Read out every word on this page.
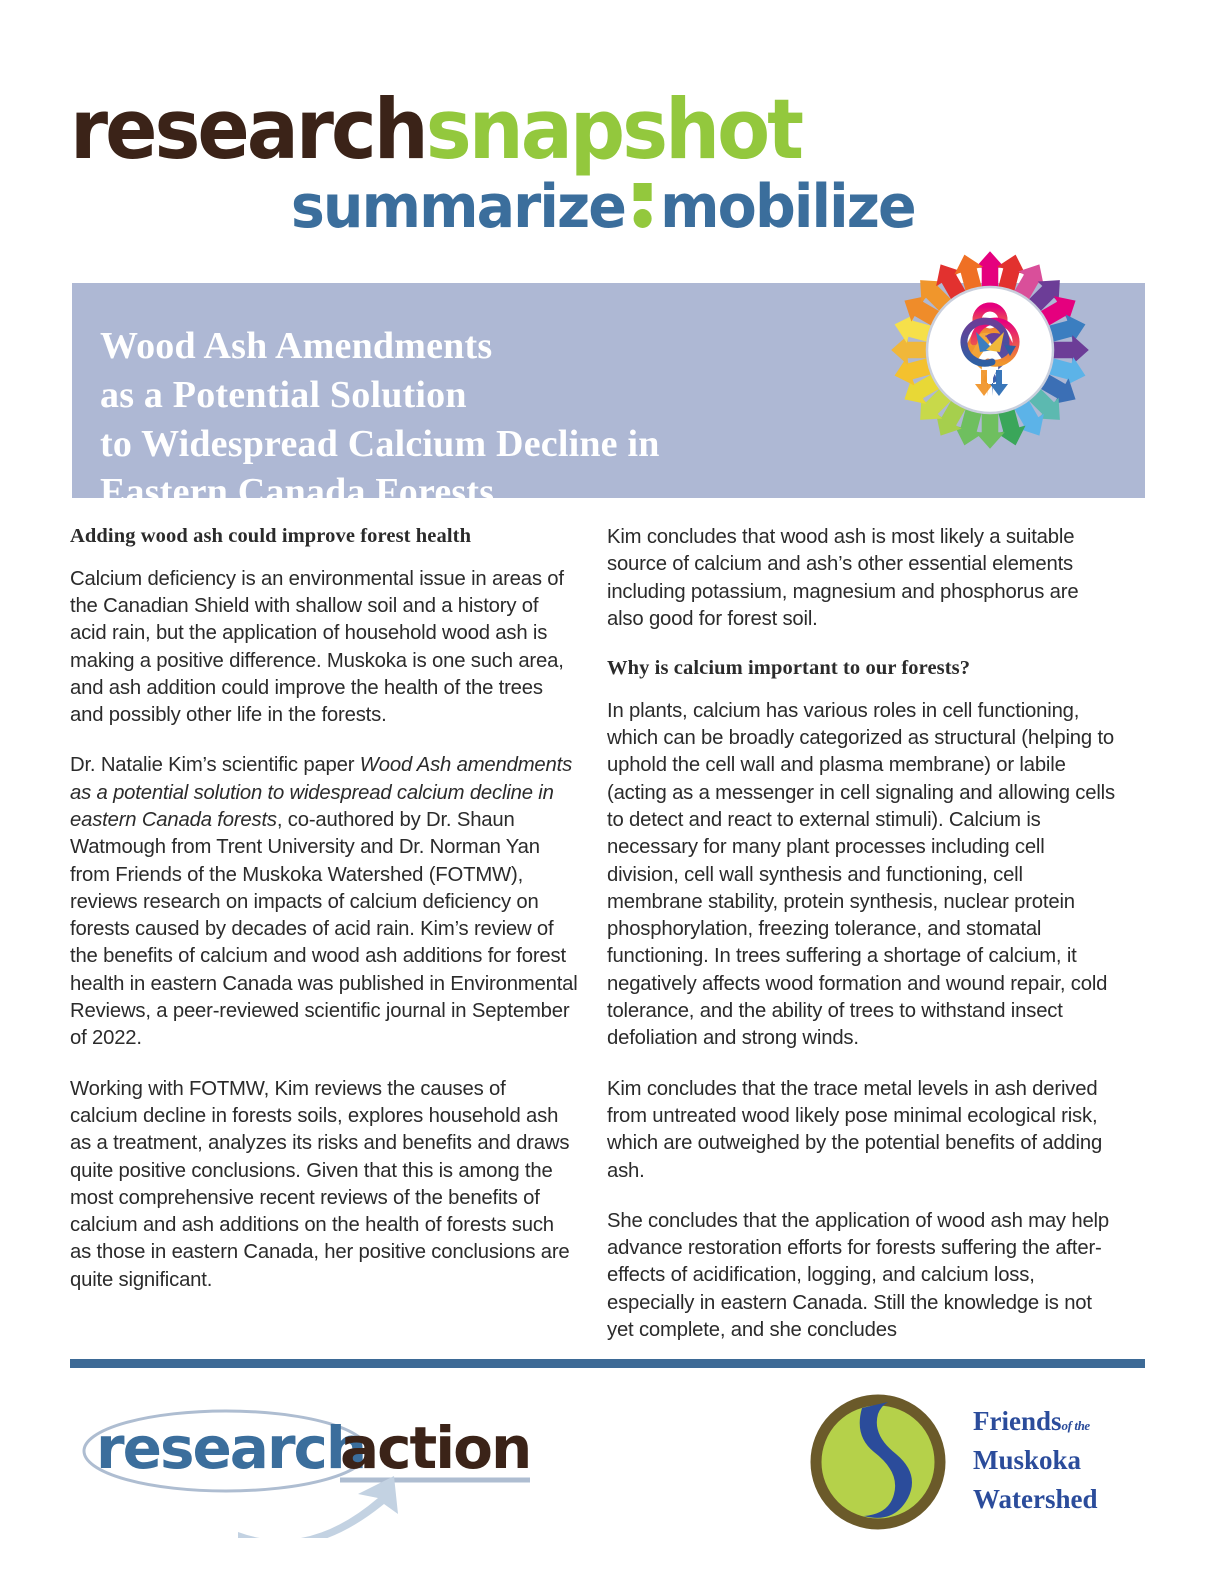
researchsnapshot
summarize mobilize
Wood Ash Amendments
as a Potential Solution
to Widespread Calcium Decline in
Eastern Canada Forests
Adding wood ash could improve forest health

Calcium deficiency is an environmental issue in areas of the Canadian Shield with shallow soil and a history of acid rain, but the application of household wood ash is making a positive difference. Muskoka is one such area, and ash addition could improve the health of the trees and possibly other life in the forests.

Dr. Natalie Kim’s scientific paper Wood Ash amendments as a potential solution to widespread calcium decline in eastern Canada forests, co-authored by Dr. Shaun Watmough from Trent University and Dr. Norman Yan from Friends of the Muskoka Watershed (FOTMW), reviews research on impacts of calcium deficiency on forests caused by decades of acid rain. Kim’s review of the benefits of calcium and wood ash additions for forest health in eastern Canada was published in Environmental Reviews, a peer-reviewed scientific journal in September of 2022.

Working with FOTMW, Kim reviews the causes of calcium decline in forests soils, explores household ash as a treatment, analyzes its risks and benefits and draws quite positive conclusions. Given that this is among the most comprehensive recent reviews of the benefits of calcium and ash additions on the health of forests such as those in eastern Canada, her positive conclusions are quite significant.

Kim concludes that wood ash is most likely a suitable source of calcium and ash’s other essential elements including potassium, magnesium and phosphorus are also good for forest soil.

Why is calcium important to our forests?

In plants, calcium has various roles in cell functioning, which can be broadly categorized as structural (helping to uphold the cell wall and plasma membrane) or labile (acting as a messenger in cell signaling and allowing cells to detect and react to external stimuli). Calcium is necessary for many plant processes including cell division, cell wall synthesis and functioning, cell membrane stability, protein synthesis, nuclear protein phosphorylation, freezing tolerance, and stomatal functioning. In trees suffering a shortage of calcium, it negatively affects wood formation and wound repair, cold tolerance, and the ability of trees to withstand insect defoliation and strong winds.

Kim concludes that the trace metal levels in ash derived from untreated wood likely pose minimal ecological risk, which are outweighed by the potential benefits of adding ash.

She concludes that the application of wood ash may help advance restoration efforts for forests suffering the after-effects of acidification, logging, and calcium loss, especially in eastern Canada. Still the knowledge is not yet complete, and she concludes

research
action	Friendsof the
Muskoka
Watershed
